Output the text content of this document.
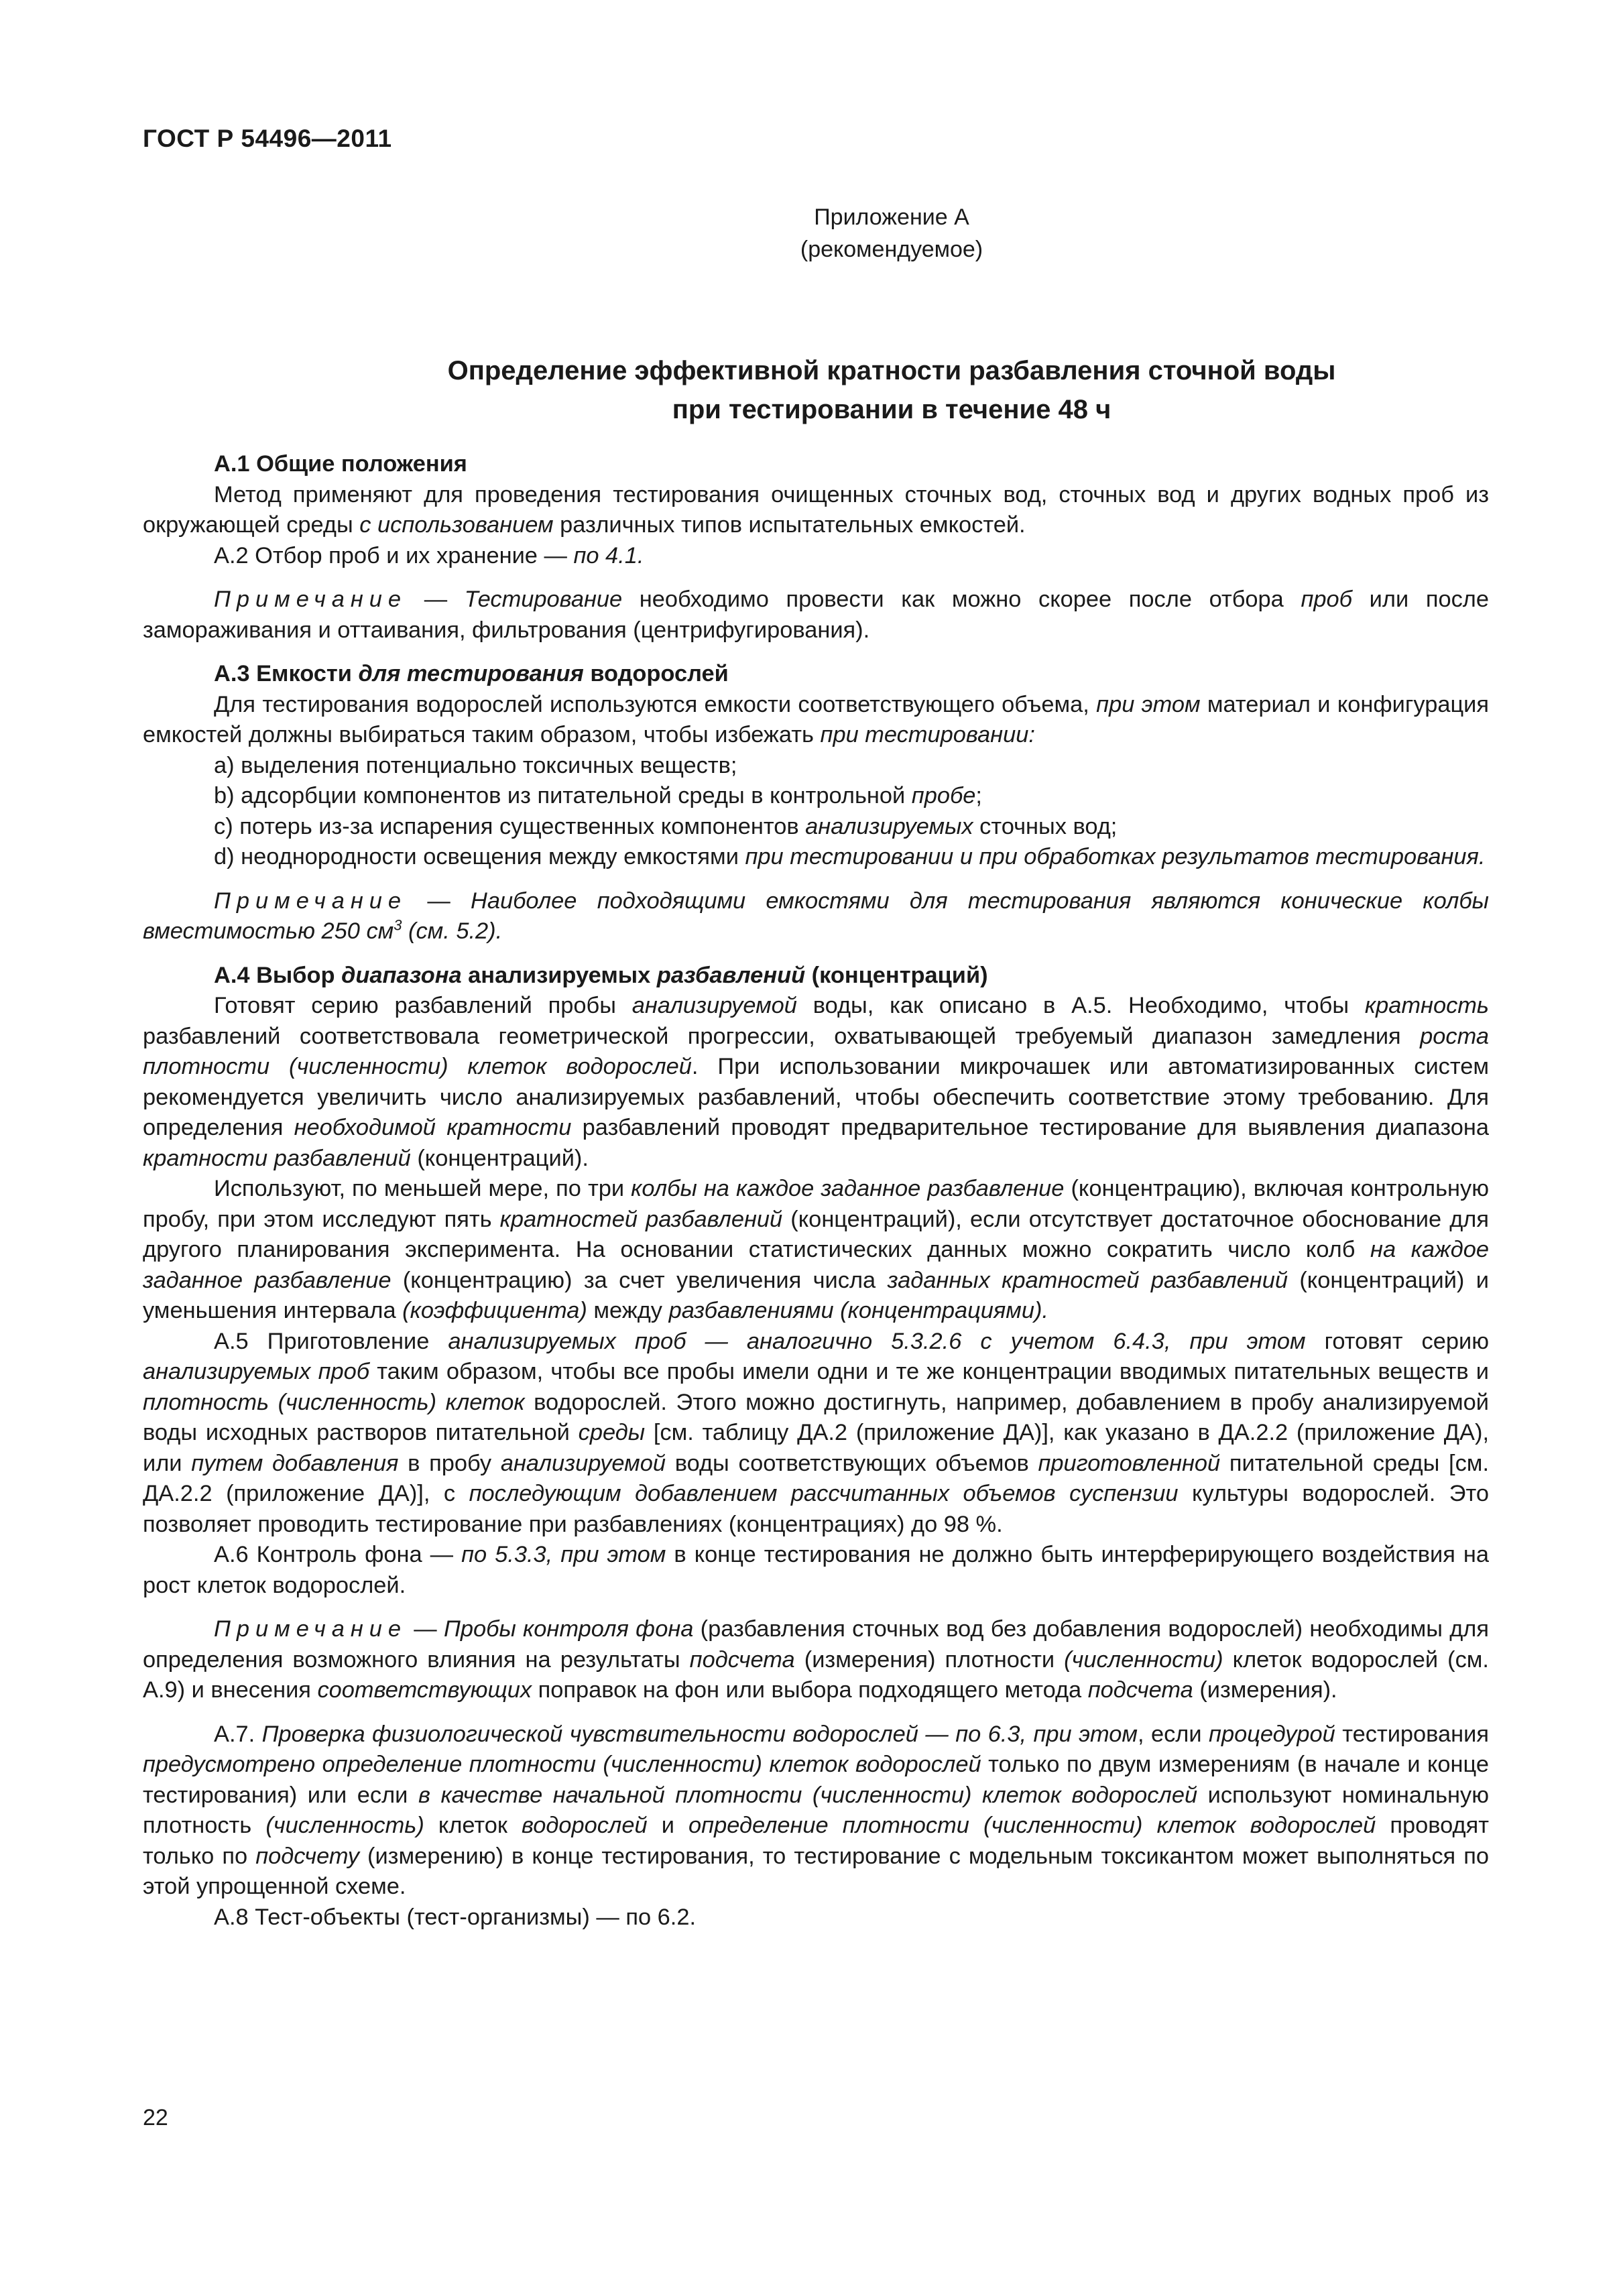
ГОСТ Р 54496—2011
Приложение А
(рекомендуемое)
Определение эффективной кратности разбавления сточной воды
при тестировании в течение 48 ч

А.1 Общие положения

Метод применяют для проведения тестирования очищенных сточных вод, сточных вод и других водных проб из окружающей среды с использованием различных типов испытательных емкостей.

А.2 Отбор проб и их хранение — по 4.1.

Примечание — Тестирование необходимо провести как можно скорее после отбора проб или после замораживания и оттаивания, фильтрования (центрифугирования).

А.3 Емкости для тестирования водорослей

Для тестирования водорослей используются емкости соответствующего объема, при этом материал и конфигурация емкостей должны выбираться таким образом, чтобы избежать при тестировании:

а) выделения потенциально токсичных веществ;

b) адсорбции компонентов из питательной среды в контрольной пробе;

c) потерь из-за испарения существенных компонентов анализируемых сточных вод;

d) неоднородности освещения между емкостями при тестировании и при обработках результатов тестирования.

Примечание — Наиболее подходящими емкостями для тестирования являются конические колбы вместимостью 250 $см^3$ (см. 5.2).

А.4 Выбор диапазона анализируемых разбавлений (концентраций)

Готовят серию разбавлений пробы анализируемой воды, как описано в А.5. Необходимо, чтобы кратность разбавлений соответствовала геометрической прогрессии, охватывающей требуемый диапазон замедления роста плотности (численности) клеток водорослей. При использовании микрочашек или автоматизированных систем рекомендуется увеличить число анализируемых разбавлений, чтобы обеспечить соответствие этому требованию. Для определения необходимой кратности разбавлений проводят предварительное тестирование для выявления диапазона кратности разбавлений (концентраций).

Используют, по меньшей мере, по три колбы на каждое заданное разбавление (концентрацию), включая контрольную пробу, при этом исследуют пять кратностей разбавлений (концентраций), если отсутствует достаточное обоснование для другого планирования эксперимента. На основании статистических данных можно сократить число колб на каждое заданное разбавление (концентрацию) за счет увеличения числа заданных кратностей разбавлений (концентраций) и уменьшения интервала (коэффициента) между разбавлениями (концентрациями).

А.5 Приготовление анализируемых проб — аналогично 5.3.2.6 с учетом 6.4.3, при этом готовят серию анализируемых проб таким образом, чтобы все пробы имели одни и те же концентрации вводимых питательных веществ и плотность (численность) клеток водорослей. Этого можно достигнуть, например, добавлением в пробу анализируемой воды исходных растворов питательной среды [см. таблицу ДА.2 (приложение ДА)], как указано в ДА.2.2 (приложение ДА), или путем добавления в пробу анализируемой воды соответствующих объемов приготовленной питательной среды [см. ДА.2.2 (приложение ДА)], с последующим добавлением рассчитанных объемов суспензии культуры водорослей. Это позволяет проводить тестирование при разбавлениях (концентрациях) до 98 %.

А.6 Контроль фона — по 5.3.3, при этом в конце тестирования не должно быть интерферирующего воздействия на рост клеток водорослей.

Примечание — Пробы контроля фона (разбавления сточных вод без добавления водорослей) необходимы для определения возможного влияния на результаты подсчета (измерения) плотности (численности) клеток водорослей (см. А.9) и внесения соответствующих поправок на фон или выбора подходящего метода подсчета (измерения).

А.7. Проверка физиологической чувствительности водорослей — по 6.3, при этом, если процедурой тестирования предусмотрено определение плотности (численности) клеток водорослей только по двум измерениям (в начале и конце тестирования) или если в качестве начальной плотности (численности) клеток водорослей используют номинальную плотность (численность) клеток водорослей и определение плотности (численности) клеток водорослей проводят только по подсчету (измерению) в конце тестирования, то тестирование с модельным токсикантом может выполняться по этой упрощенной схеме.

А.8 Тест-объекты (тест-организмы) — по 6.2.

22
